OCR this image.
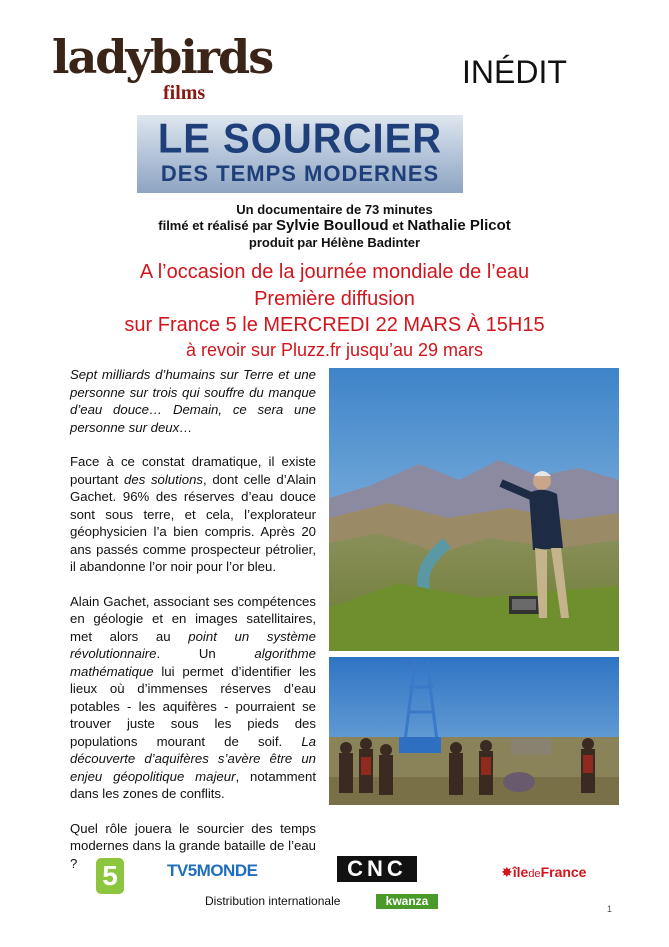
ladybirds
films
INÉDIT
LE SOURCIER
DES TEMPS MODERNES
Un documentaire de 73 minutes
filmé et réalisé par Sylvie Boulloud et Nathalie Plicot
produit par Hélène Badinter
A l’occasion de la journée mondiale de l’eau
Première diffusion
sur France 5 le MERCREDI 22 MARS À 15H15
à revoir sur Pluzz.fr jusqu’au 29 mars

Sept milliards d’humains sur Terre et une personne sur trois qui souffre du manque d’eau douce… Demain, ce sera une personne sur deux…

Face à ce constat dramatique, il existe pourtant des solutions, dont celle d’Alain Gachet. 96% des réserves d’eau douce sont sous terre, et cela, l’explorateur géophysicien l’a bien compris. Après 20 ans passés comme prospecteur pétrolier, il abandonne l’or noir pour l’or bleu.

Alain Gachet, associant ses compétences en géologie et en images satellitaires, met alors au point un système révolutionnaire. Un algorithme mathématique lui permet d’identifier les lieux où d’immenses réserves d’eau potables - les aquifères - pourraient se trouver juste sous les pieds des populations mourant de soif. La découverte d’aquifères s’avère être un enjeu géopolitique majeur, notamment dans les zones de conflits.

Quel rôle jouera le sourcier des temps modernes dans la grande bataille de l’eau ? 5	TV5MONDE	CNC	✸îledeFrance
Distribution internationale	kwanza
1
